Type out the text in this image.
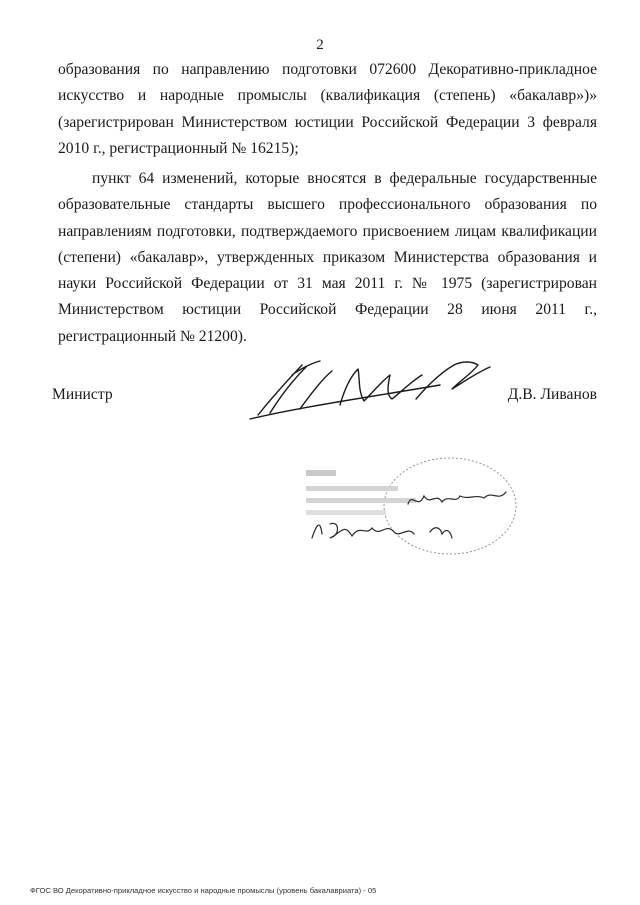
2
образования по направлению подготовки 072600 Декоративно-прикладное искусство и народные промыслы (квалификация (степень) «бакалавр»)» (зарегистрирован Министерством юстиции Российской Федерации 3 февраля 2010 г., регистрационный № 16215);
пункт 64 изменений, которые вносятся в федеральные государственные образовательные стандарты высшего профессионального образования по направлениям подготовки, подтверждаемого присвоением лицам квалификации (степени) «бакалавр», утвержденных приказом Министерства образования и науки Российской Федерации от 31 мая 2011 г. № 1975 (зарегистрирован Министерством юстиции Российской Федерации 28 июня 2011 г., регистрационный № 21200).
Министр	Д.В. Ливанов
ФГОС ВО Декоративно-прикладное искусство и народные промыслы (уровень бакалавриата) - 05
